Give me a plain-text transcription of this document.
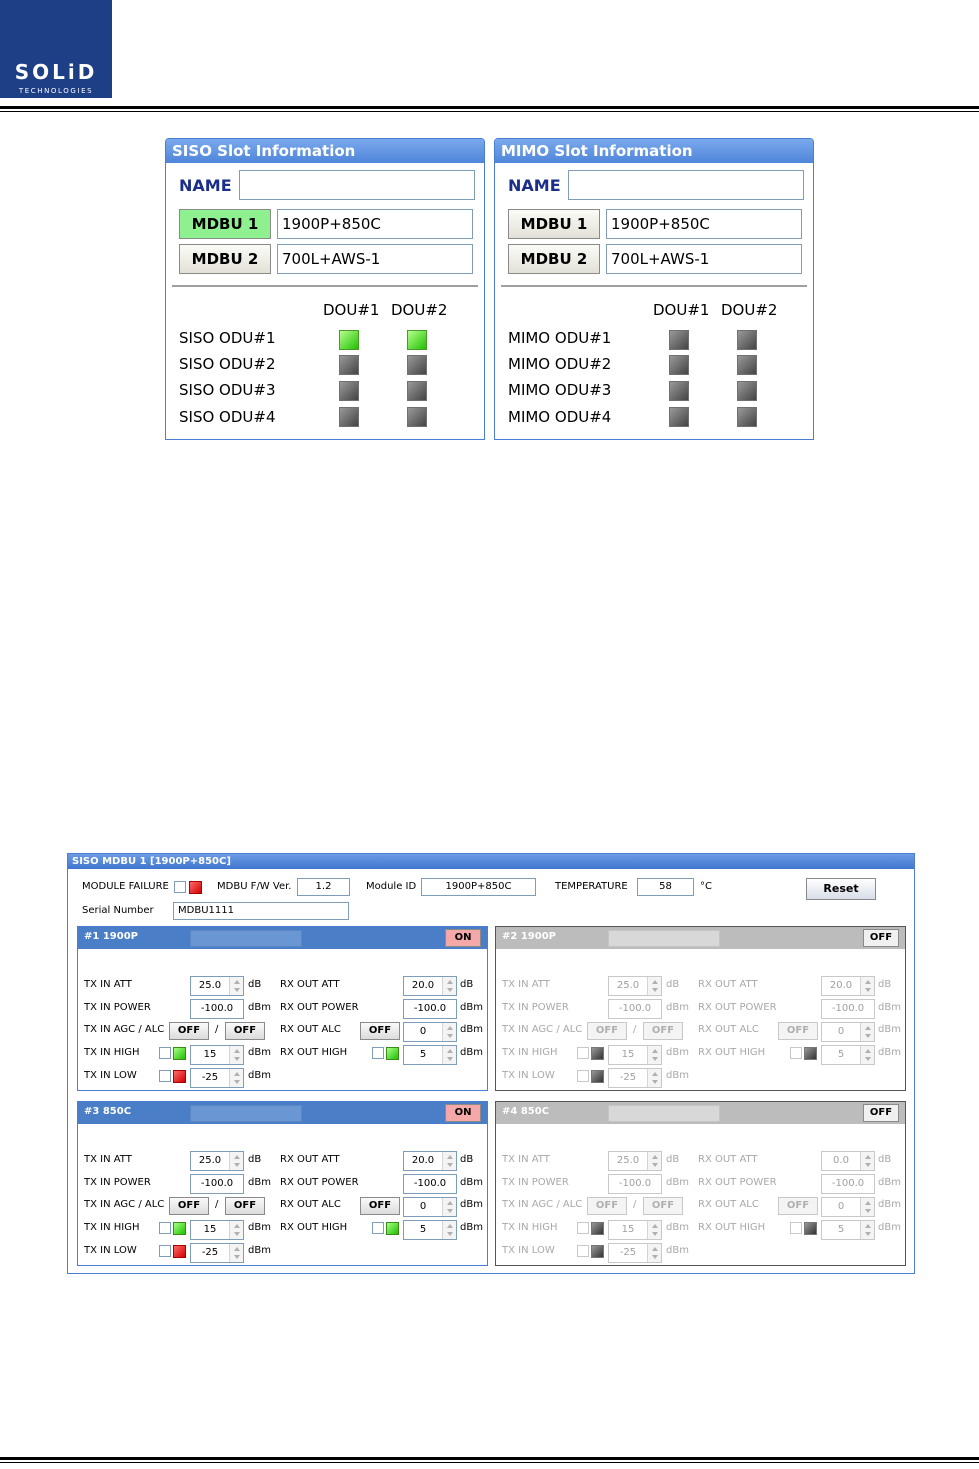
SOLiD
TECHNOLOGIES
SISO Slot Information
NAME
MDBU 1	1900P+850C
MDBU 2	700L+AWS-1
DOU#1 DOU#2
SISO ODU#1
SISO ODU#2
SISO ODU#3
SISO ODU#4
MIMO Slot Information
NAME
MDBU 1	1900P+850C
MDBU 2	700L+AWS-1
DOU#1 DOU#2
MIMO ODU#1
MIMO ODU#2
MIMO ODU#3
MIMO ODU#4
SISO MDBU 1 [1900P+850C]
MODULE FAILURE	MDBU F/W Ver.	1.2	Module ID	1900P+850C	TEMPERATURE	58	°C	Reset
Serial Number	MDBU1111
#1 1900P	ON
TX IN ATT	25.0	dB RX OUT ATT	20.0	dB
TX IN POWER	-100.0	dBm RX OUT POWER	-100.0	dBm
TX IN AGC / ALC	OFF	/	OFF	RX OUT ALC	OFF	0	dBm
TX IN HIGH	15	dBm RX OUT HIGH	5	dBm
TX IN LOW	-25	dBm
#2 1900P	OFF
TX IN ATT	25.0	dB RX OUT ATT	20.0	dB
TX IN POWER	-100.0	dBm RX OUT POWER	-100.0	dBm
TX IN AGC / ALC	OFF	/	OFF	RX OUT ALC	OFF	0	dBm
TX IN HIGH	15	dBm RX OUT HIGH	5	dBm
TX IN LOW	-25	dBm
#3 850C	ON
TX IN ATT	25.0	dB RX OUT ATT	20.0	dB
TX IN POWER	-100.0	dBm RX OUT POWER	-100.0	dBm
TX IN AGC / ALC	OFF	/	OFF	RX OUT ALC	OFF	0	dBm
TX IN HIGH	15	dBm RX OUT HIGH	5	dBm
TX IN LOW	-25	dBm
#4 850C	OFF
TX IN ATT	25.0	dB RX OUT ATT	0.0	dB
TX IN POWER	-100.0	dBm RX OUT POWER	-100.0	dBm
TX IN AGC / ALC	OFF	/	OFF	RX OUT ALC	OFF	0	dBm
TX IN HIGH	15	dBm RX OUT HIGH	5	dBm
TX IN LOW	-25	dBm
